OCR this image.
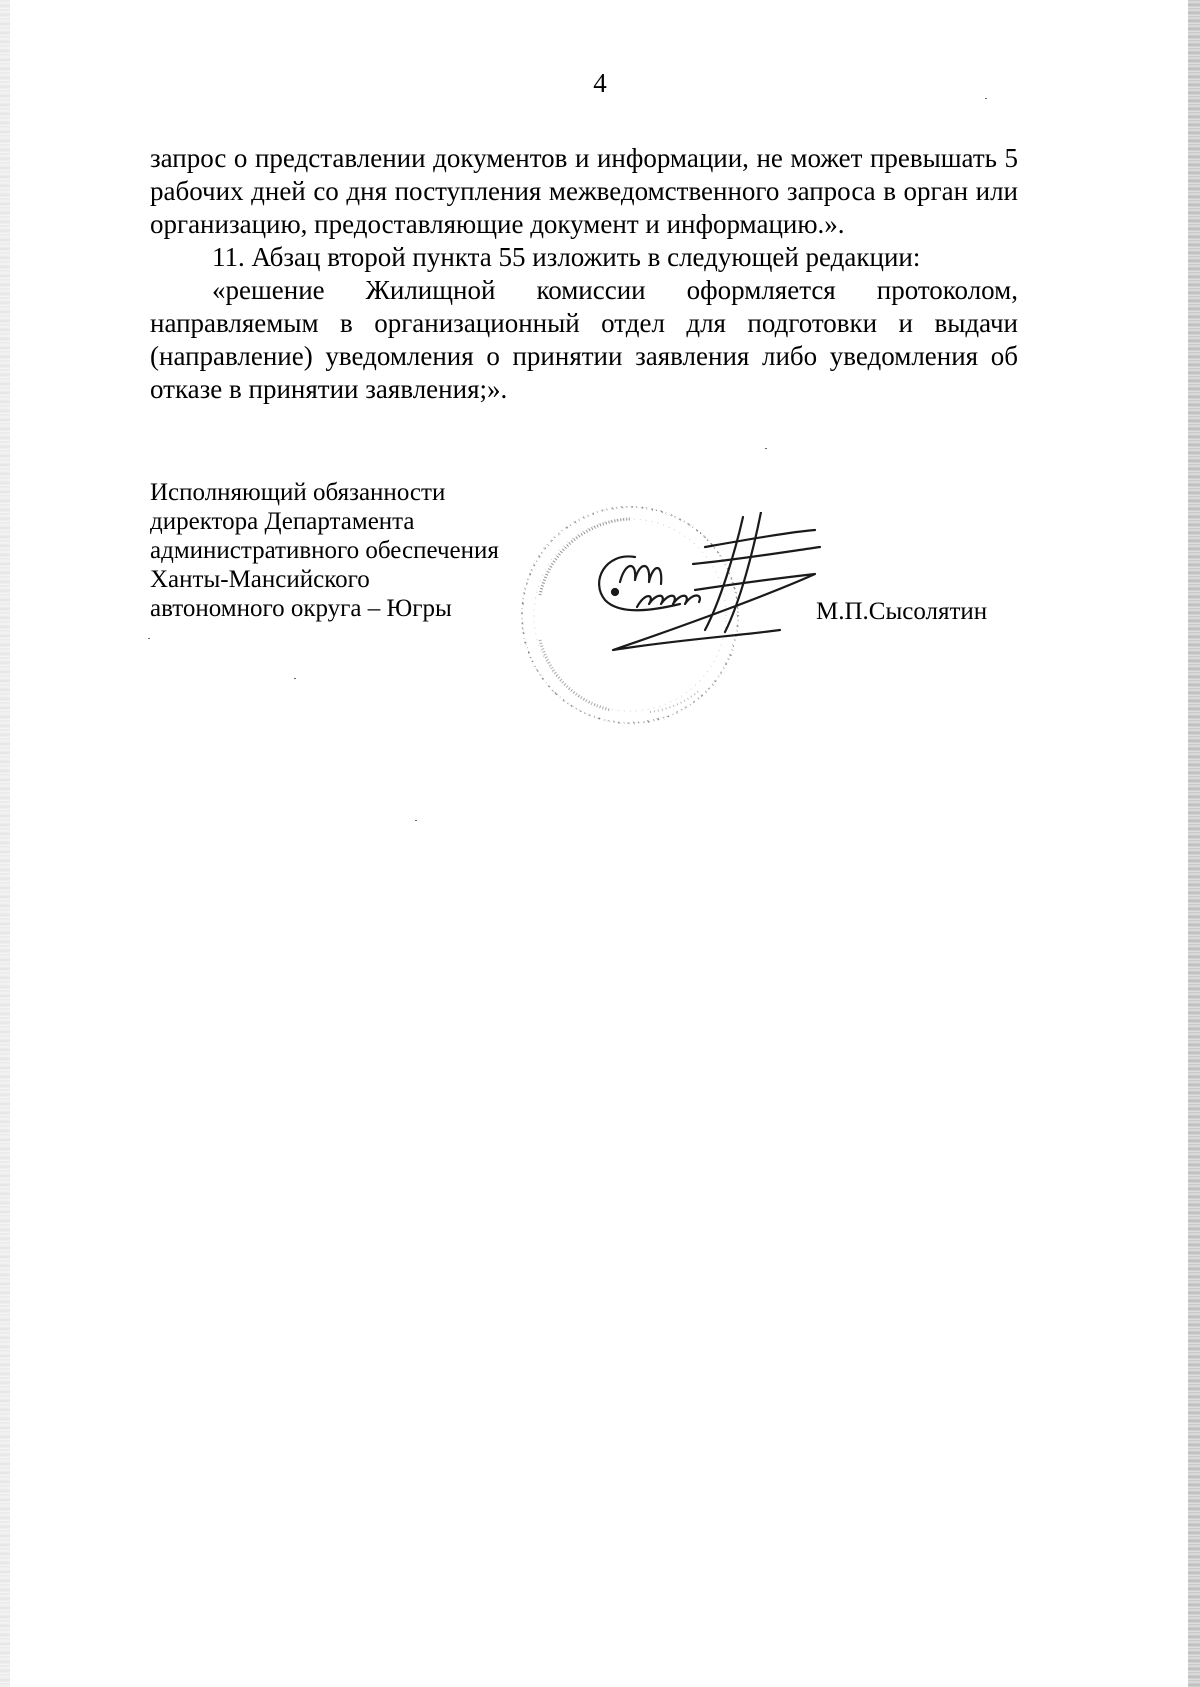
4

запрос о представлении документов и информации, не может превышать 5 рабочих дней со дня поступления межведомственного запроса в орган или организацию, предоставляющие документ и информацию.».

11. Абзац второй пункта 55 изложить в следующей редакции:

«решение Жилищной комиссии оформляется протоколом, направляемым в организационный отдел для подготовки и выдачи (направление) уведомления о принятии заявления либо уведомления об отказе в принятии заявления;».

Исполняющий обязанности
директора Департамента
административного обеспечения
Ханты-Мансийского
автономного округа – Югры	М.П.Сысолятин
